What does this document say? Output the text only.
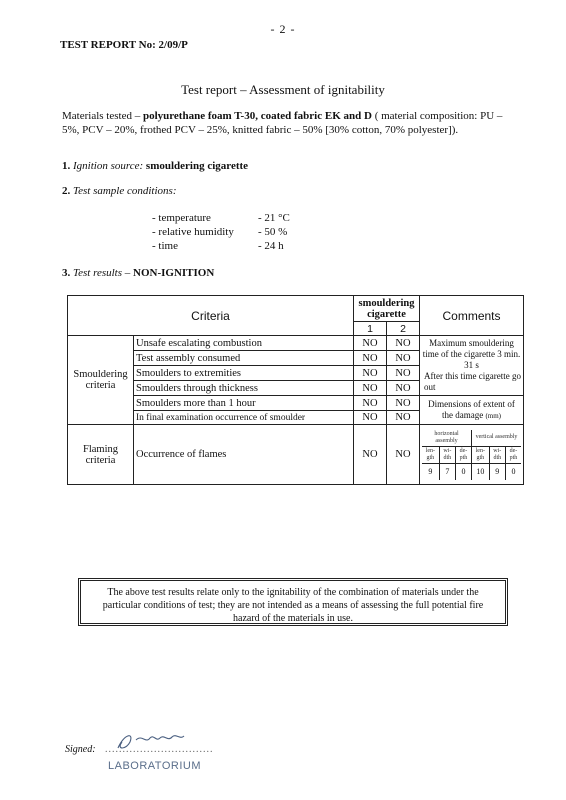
- 2 -
TEST REPORT No: 2/09/P
Test report – Assessment of ignitability
Materials tested – polyurethane foam T-30, coated fabric EK and D ( material composition: PU – 5%, PCV – 20%, frothed PCV – 25%, knitted fabric – 50% [30% cotton, 70% polyester]).
1. Ignition source: smouldering cigarette
2. Test sample conditions:
- temperature	- 21 °C
- relative humidity - 50 %
- time	- 24 h
3. Test results – NON-IGNITION
Criteria	smouldering cigarette	Comments
1	2
Smouldering criteria	Unsafe escalating combustion	NO	NO	Maximum smouldering time of the cigarette 3 min. 31 s
After this time cigarette go out

Test assembly consumed	NO	NO
Smoulders to extremities	NO	NO
Smoulders through thickness	NO	NO
Smoulders more than 1 hour	NO	NO	Dimensions of extent of the damage (mm)
In final examination occurrence of smoulder	NO	NO
Flaming criteria	Occurrence of flames	NO	NO	
horizontal assembly	vertical assembly
len-gth	wi-dth	de-pth	len-gth	wi-dth	de-pth
9	7	0	10	9	0
The above test results relate only to the ignitability of the combination of materials under the particular conditions of test; they are not intended as a means of assessing the full potential fire hazard of the materials in use.
Signed: ...............................
LABORATORIUM
